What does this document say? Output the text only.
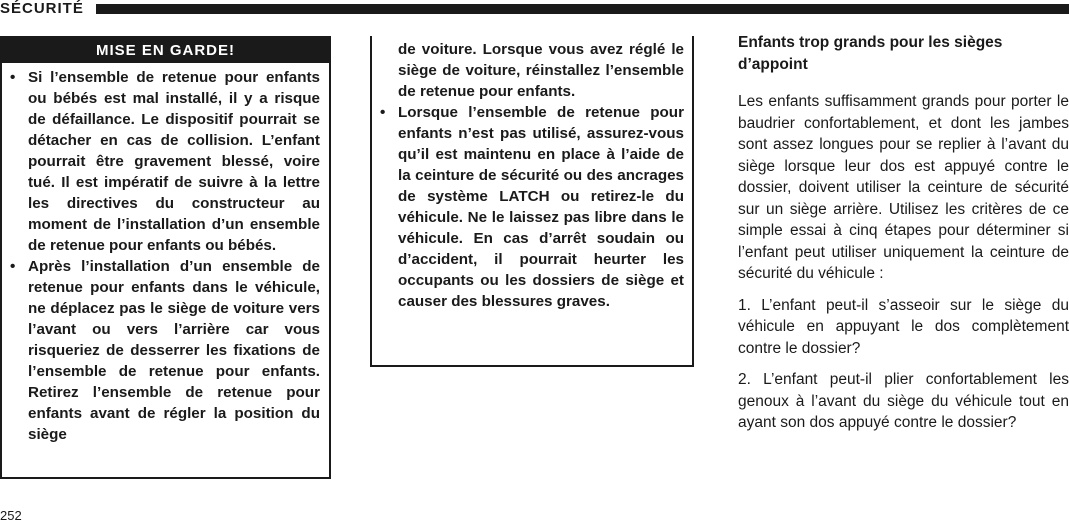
SÉCURITÉ
MISE EN GARDE!
• Si l’ensemble de retenue pour enfants ou bébés est mal installé, il y a risque de défaillance. Le dispositif pourrait se détacher en cas de collision. L’enfant pourrait être gravement blessé, voire tué. Il est impératif de suivre à la lettre les directives du constructeur au moment de l’installation d’un ensemble de retenue pour enfants ou bébés.
• Après l’installation d’un ensemble de retenue pour enfants dans le véhicule, ne déplacez pas le siège de voiture vers l’avant ou vers l’arrière car vous risqueriez de desserrer les fixations de l’ensemble de retenue pour enfants. Retirez l’ensemble de retenue pour enfants avant de régler la position du siège
de voiture. Lorsque vous avez réglé le siège de voiture, réinstallez l’ensemble de retenue pour enfants.
• Lorsque l’ensemble de retenue pour enfants n’est pas utilisé, assurez-vous qu’il est maintenu en place à l’aide de la ceinture de sécurité ou des ancrages de système LATCH ou retirez-le du véhicule. Ne le laissez pas libre dans le véhicule. En cas d’arrêt soudain ou d’accident, il pourrait heurter les occupants ou les dossiers de siège et causer des blessures graves.
Enfants trop grands pour les sièges d’appoint

Les enfants suffisamment grands pour porter le baudrier confortablement, et dont les jambes sont assez longues pour se replier à l’avant du siège lorsque leur dos est appuyé contre le dossier, doivent utiliser la ceinture de sécurité sur un siège arrière. Utilisez les critères de ce simple essai à cinq étapes pour déterminer si l’enfant peut utiliser uniquement la ceinture de sécurité du véhicule :

1. L’enfant peut-il s’asseoir sur le siège du véhicule en appuyant le dos complètement contre le dossier?

2. L’enfant peut-il plier confortablement les genoux à l’avant du siège du véhicule tout en ayant son dos appuyé contre le dossier?

252
